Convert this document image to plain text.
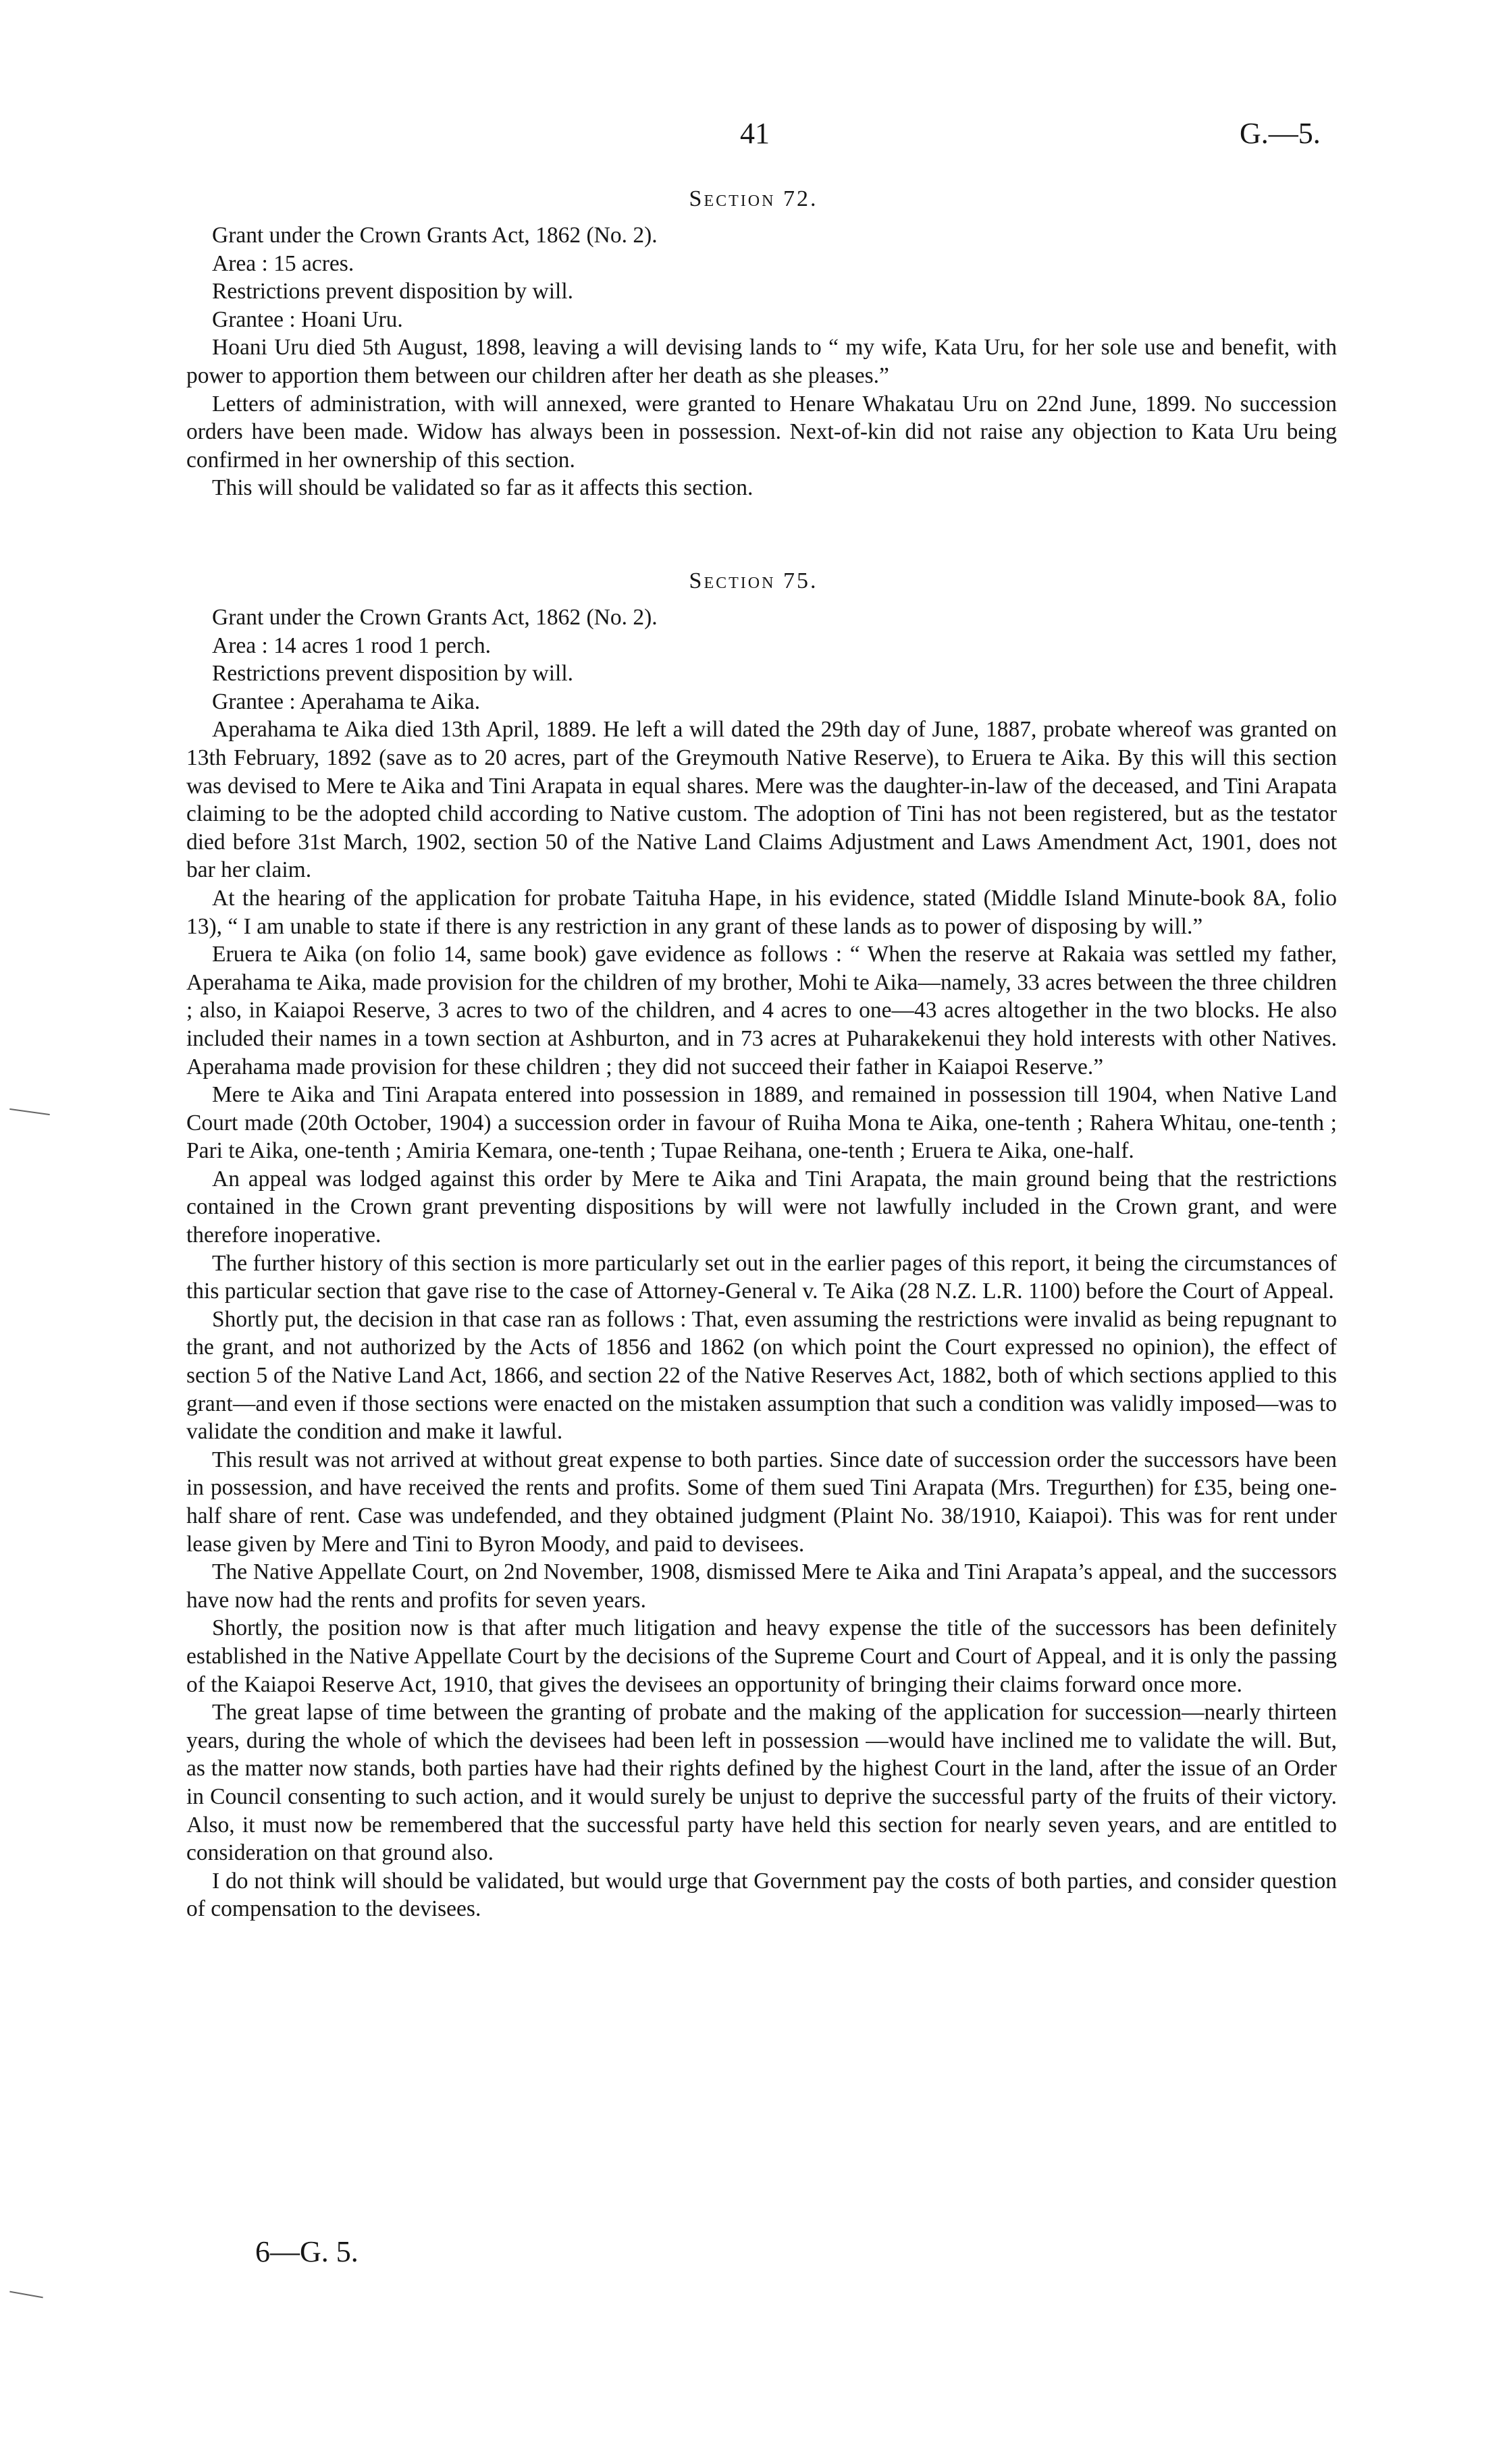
41	G.—5.
Section 72.

Grant under the Crown Grants Act, 1862 (No. 2).

Area : 15 acres.

Restrictions prevent disposition by will.

Grantee : Hoani Uru.

Hoani Uru died 5th August, 1898, leaving a will devising lands to “ my wife, Kata Uru, for her sole use and benefit, with power to apportion them between our children after her death as she pleases.”

Letters of administration, with will annexed, were granted to Henare Whakatau Uru on 22nd June, 1899. No succession orders have been made. Widow has always been in possession. Next-of-kin did not raise any objection to Kata Uru being confirmed in her ownership of this section.

This will should be validated so far as it affects this section.

Section 75.

Grant under the Crown Grants Act, 1862 (No. 2).

Area : 14 acres 1 rood 1 perch.

Restrictions prevent disposition by will.

Grantee : Aperahama te Aika.

Aperahama te Aika died 13th April, 1889. He left a will dated the 29th day of June, 1887, probate whereof was granted on 13th February, 1892 (save as to 20 acres, part of the Greymouth Native Reserve), to Eruera te Aika. By this will this section was devised to Mere te Aika and Tini Arapata in equal shares. Mere was the daughter-in-law of the deceased, and Tini Arapata claiming to be the adopted child according to Native custom. The adoption of Tini has not been registered, but as the testator died before 31st March, 1902, section 50 of the Native Land Claims Adjustment and Laws Amendment Act, 1901, does not bar her claim.

At the hearing of the application for probate Taituha Hape, in his evidence, stated (Middle Island Minute-book 8A, folio 13), “ I am unable to state if there is any restriction in any grant of these lands as to power of disposing by will.”

Eruera te Aika (on folio 14, same book) gave evidence as follows : “ When the reserve at Rakaia was settled my father, Aperahama te Aika, made provision for the children of my brother, Mohi te Aika—namely, 33 acres between the three children ; also, in Kaiapoi Reserve, 3 acres to two of the children, and 4 acres to one—43 acres altogether in the two blocks. He also included their names in a town section at Ashburton, and in 73 acres at Puharakekenui they hold interests with other Natives. Aperahama made provision for these children ; they did not succeed their father in Kaiapoi Reserve.”

Mere te Aika and Tini Arapata entered into possession in 1889, and remained in possession till 1904, when Native Land Court made (20th October, 1904) a succession order in favour of Ruiha Mona te Aika, one-tenth ; Rahera Whitau, one-tenth ; Pari te Aika, one-tenth ; Amiria Kemara, one-tenth ; Tupae Reihana, one-tenth ; Eruera te Aika, one-half.

An appeal was lodged against this order by Mere te Aika and Tini Arapata, the main ground being that the restrictions contained in the Crown grant preventing dispositions by will were not lawfully included in the Crown grant, and were therefore inoperative.

The further history of this section is more particularly set out in the earlier pages of this report, it being the circumstances of this particular section that gave rise to the case of Attorney-General v. Te Aika (28 N.Z. L.R. 1100) before the Court of Appeal.

Shortly put, the decision in that case ran as follows : That, even assuming the restrictions were invalid as being repugnant to the grant, and not authorized by the Acts of 1856 and 1862 (on which point the Court expressed no opinion), the effect of section 5 of the Native Land Act, 1866, and section 22 of the Native Reserves Act, 1882, both of which sections applied to this grant—and even if those sections were enacted on the mistaken assumption that such a condition was validly imposed—was to validate the condition and make it lawful.

This result was not arrived at without great expense to both parties. Since date of succession order the successors have been in possession, and have received the rents and profits. Some of them sued Tini Arapata (Mrs. Tregurthen) for £35, being one-half share of rent. Case was undefended, and they obtained judgment (Plaint No. 38/1910, Kaiapoi). This was for rent under lease given by Mere and Tini to Byron Moody, and paid to devisees.

The Native Appellate Court, on 2nd November, 1908, dismissed Mere te Aika and Tini Arapata’s appeal, and the successors have now had the rents and profits for seven years.

Shortly, the position now is that after much litigation and heavy expense the title of the successors has been definitely established in the Native Appellate Court by the decisions of the Supreme Court and Court of Appeal, and it is only the passing of the Kaiapoi Reserve Act, 1910, that gives the devisees an opportunity of bringing their claims forward once more.

The great lapse of time between the granting of probate and the making of the application for succession—nearly thirteen years, during the whole of which the devisees had been left in possession —would have inclined me to validate the will. But, as the matter now stands, both parties have had their rights defined by the highest Court in the land, after the issue of an Order in Council consenting to such action, and it would surely be unjust to deprive the successful party of the fruits of their victory. Also, it must now be remembered that the successful party have held this section for nearly seven years, and are entitled to consideration on that ground also.

I do not think will should be validated, but would urge that Government pay the costs of both parties, and consider question of compensation to the devisees.

6—G. 5.
